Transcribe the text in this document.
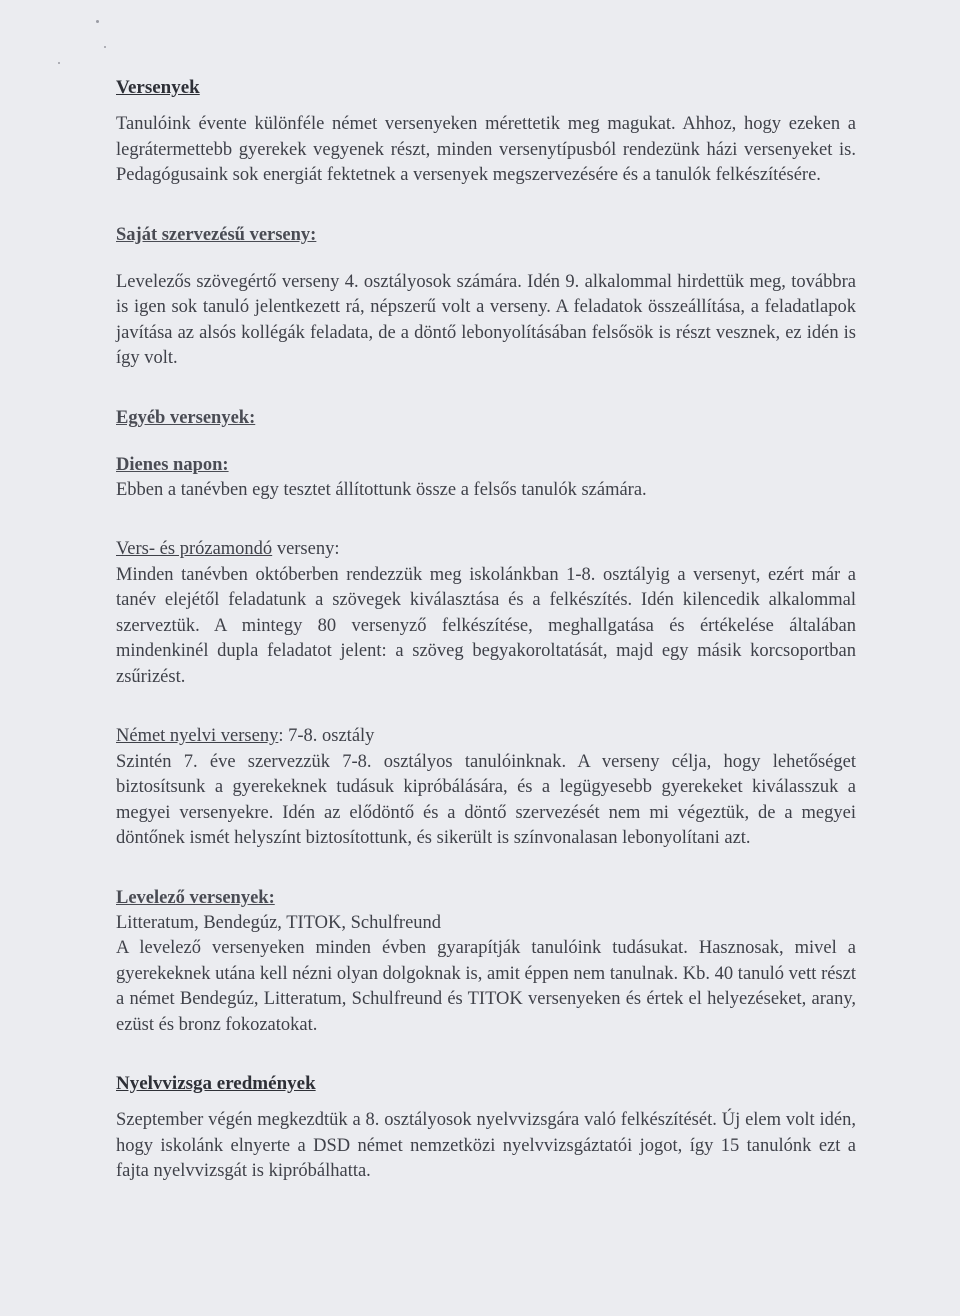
Versenyek

Tanulóink évente különféle német versenyeken mérettetik meg magukat. Ahhoz, hogy ezeken a legrátermettebb gyerekek vegyenek részt, minden versenytípusból rendezünk házi versenyeket is. Pedagógusaink sok energiát fektetnek a versenyek megszervezésére és a tanulók felkészítésére.

Saját szervezésű verseny:

Levelezős szövegértő verseny 4. osztályosok számára. Idén 9. alkalommal hirdettük meg, továbbra is igen sok tanuló jelentkezett rá, népszerű volt a verseny. A feladatok összeállítása, a feladatlapok javítása az alsós kollégák feladata, de a döntő lebonyolításában felsősök is részt vesznek, ez idén is így volt.

Egyéb versenyek:
Dienes napon:

Ebben a tanévben egy tesztet állítottunk össze a felsős tanulók számára.

Vers- és prózamondó verseny:

Minden tanévben októberben rendezzük meg iskolánkban 1-8. osztályig a versenyt, ezért már a tanév elejétől feladatunk a szövegek kiválasztása és a felkészítés. Idén kilencedik alkalommal szerveztük. A mintegy 80 versenyző felkészítése, meghallgatása és értékelése általában mindenkinél dupla feladatot jelent: a szöveg begyakoroltatását, majd egy másik korcsoportban zsűrizést.

Német nyelvi verseny: 7-8. osztály

Szintén 7. éve szervezzük 7-8. osztályos tanulóinknak. A verseny célja, hogy lehetőséget biztosítsunk a gyerekeknek tudásuk kipróbálására, és a legügyesebb gyerekeket kiválasszuk a megyei versenyekre. Idén az elődöntő és a döntő szervezését nem mi végeztük, de a megyei döntőnek ismét helyszínt biztosítottunk, és sikerült is színvonalasan lebonyolítani azt.

Levelező versenyek:

Litteratum, Bendegúz, TITOK, Schulfreund

A levelező versenyeken minden évben gyarapítják tanulóink tudásukat. Hasznosak, mivel a gyerekeknek utána kell nézni olyan dolgoknak is, amit éppen nem tanulnak. Kb. 40 tanuló vett részt a német Bendegúz, Litteratum, Schulfreund és TITOK versenyeken és értek el helyezéseket, arany, ezüst és bronz fokozatokat.

Nyelvvizsga eredmények

Szeptember végén megkezdtük a 8. osztályosok nyelvvizsgára való felkészítését. Új elem volt idén, hogy iskolánk elnyerte a DSD német nemzetközi nyelvvizsgáztatói jogot, így 15 tanulónk ezt a fajta nyelvvizsgát is kipróbálhatta.
